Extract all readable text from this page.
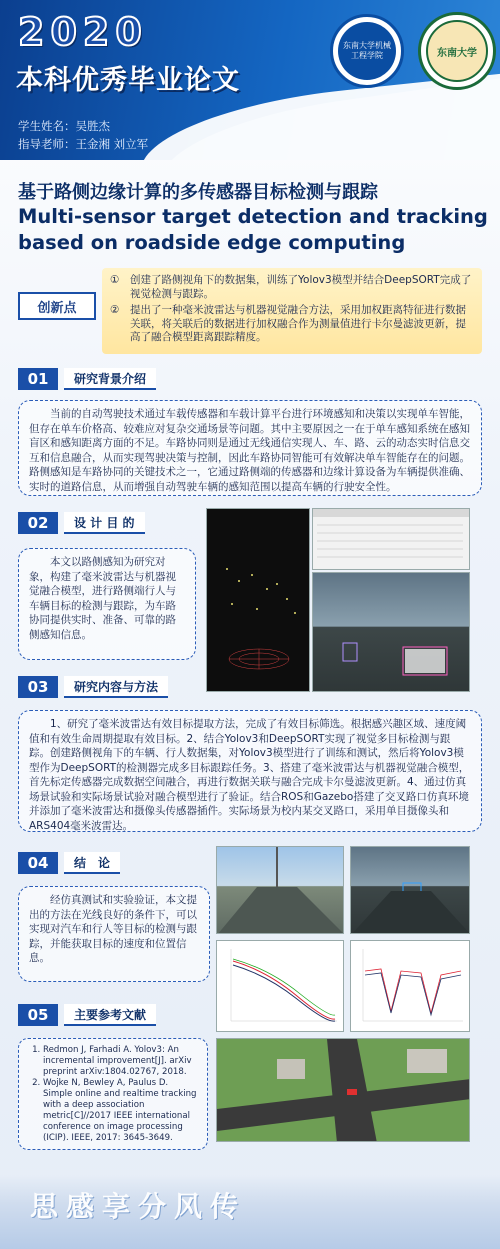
2020
本科优秀毕业论文
学生姓名：吴胜杰
指导老师：王金湘 刘立军
东南大学机械工程学院	东南大学
基于路侧边缘计算的多传感器目标检测与跟踪
Multi-sensor target detection and tracking based on roadside edge computing
创新点
①	创建了路侧视角下的数据集，训练了Yolov3模型并结合DeepSORT完成了视觉检测与跟踪。
②	提出了一种毫米波雷达与机器视觉融合方法，采用加权距离特征进行数据关联，将关联后的数据进行加权融合作为测量值进行卡尔曼滤波更新，提高了融合模型距离跟踪精度。
01	研究背景介绍
当前的自动驾驶技术通过车载传感器和车载计算平台进行环境感知和决策以实现单车智能，但存在单车价格高、较难应对复杂交通场景等问题。其中主要原因之一在于单车感知系统在感知盲区和感知距离方面的不足。车路协同则是通过无线通信实现人、车、路、云的动态实时信息交互和信息融合，从而实现驾驶决策与控制，因此车路协同智能可有效解决单车智能存在的问题。路侧感知是车路协同的关键技术之一，它通过路侧端的传感器和边缘计算设备为车辆提供准确、实时的道路信息，从而增强自动驾驶车辆的感知范围以提高车辆的行驶安全性。
02	设 计 目 的
本文以路侧感知为研究对象，构建了毫米波雷达与机器视觉融合模型，进行路侧端行人与车辆目标的检测与跟踪，为车路协同提供实时、准备、可靠的路侧感知信息。
03	研究内容与方法
1、研究了毫米波雷达有效目标提取方法，完成了有效目标筛选。根据感兴趣区域、速度阈值和有效生命周期提取有效目标。2、结合Yolov3和DeepSORT实现了视觉多目标检测与跟踪。创建路侧视角下的车辆、行人数据集，对Yolov3模型进行了训练和测试，然后将Yolov3模型作为DeepSORT的检测器完成多目标跟踪任务。3、搭建了毫米波雷达与机器视觉融合模型，首先标定传感器完成数据空间融合，再进行数据关联与融合完成卡尔曼滤波更新。4、通过仿真场景试验和实际场景试验对融合模型进行了验证。结合ROS和Gazebo搭建了交叉路口仿真环境并添加了毫米波雷达和摄像头传感器插件。实际场景为校内某交叉路口，采用单目摄像头和ARS404毫米波雷达。
04	结　论
经仿真测试和实验验证，本文提出的方法在光线良好的条件下，可以实现对汽车和行人等目标的检测与跟踪，并能获取目标的速度和位置信息。
05	主要参考文献
1. Redmon J, Farhadi A. Yolov3: An incremental improvement[J]. arXiv preprint arXiv:1804.02767, 2018.
2. Wojke N, Bewley A, Paulus D. Simple online and realtime tracking with a deep association metric[C]//2017 IEEE international conference on image processing (ICIP). IEEE, 2017: 3645-3649.
思感享分风传
